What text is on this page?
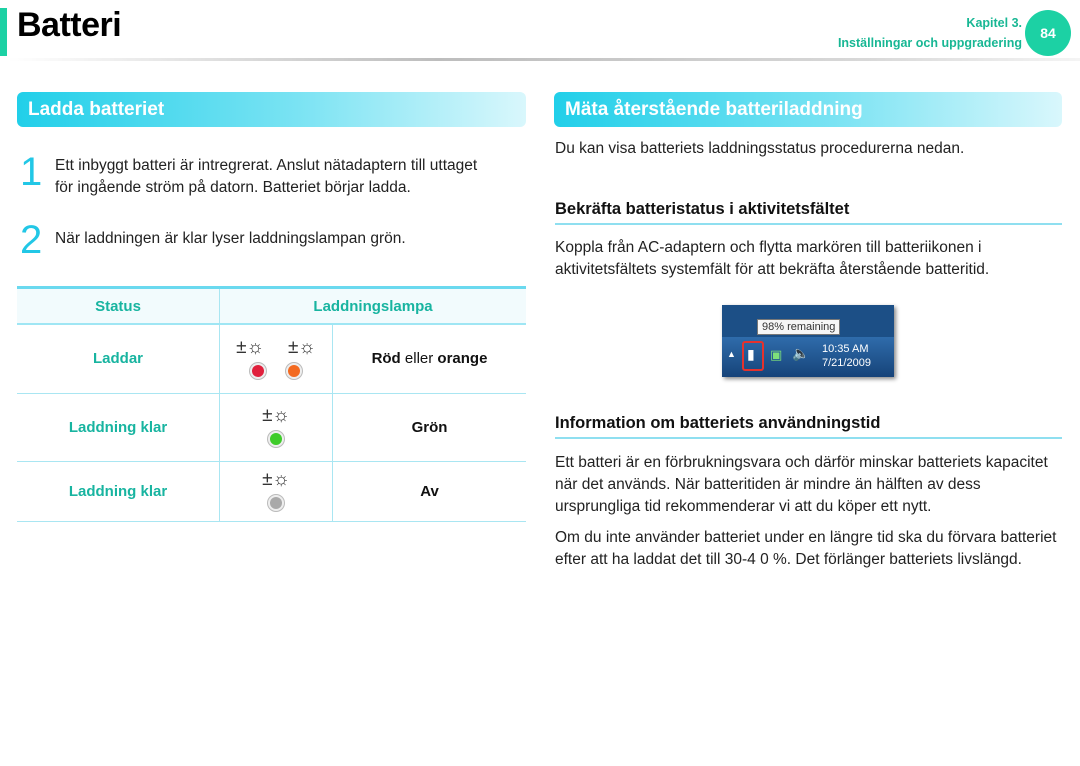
Batteri	Kapitel 3.
Inställningar och uppgradering
84
Ladda batteriet
1 Ett inbyggt batteri är intregrerat. Anslut nätadaptern till uttaget för ingående ström på datorn. Batteriet börjar ladda.
2 När laddningen är klar lyser laddningslampan grön.
Status	Laddningslampa	
Laddar	±☼ ±☼	Röd eller orange
Laddning klar	±☼	Grön
Laddning klar	±☼	Av
Mäta återstående batteriladdning
Du kan visa batteriets laddningsstatus procedurerna nedan.
Bekräfta batteristatus i aktivitetsfältet
Koppla från AC-adaptern och flytta markören till batteriikonen i aktivitetsfältets systemfält för att bekräfta återstående batteritid.
98% remaining
▲ ▮ ▣ 🔈 10:35 AM
7/21/2009
Information om batteriets användningstid
Ett batteri är en förbrukningsvara och därför minskar batteriets kapacitet när det används. När batteritiden är mindre än hälften av dess ursprungliga tid rekommenderar vi att du köper ett nytt.
Om du inte använder batteriet under en längre tid ska du förvara batteriet efter att ha laddat det till 30-4 0 %. Det förlänger batteriets livslängd.
